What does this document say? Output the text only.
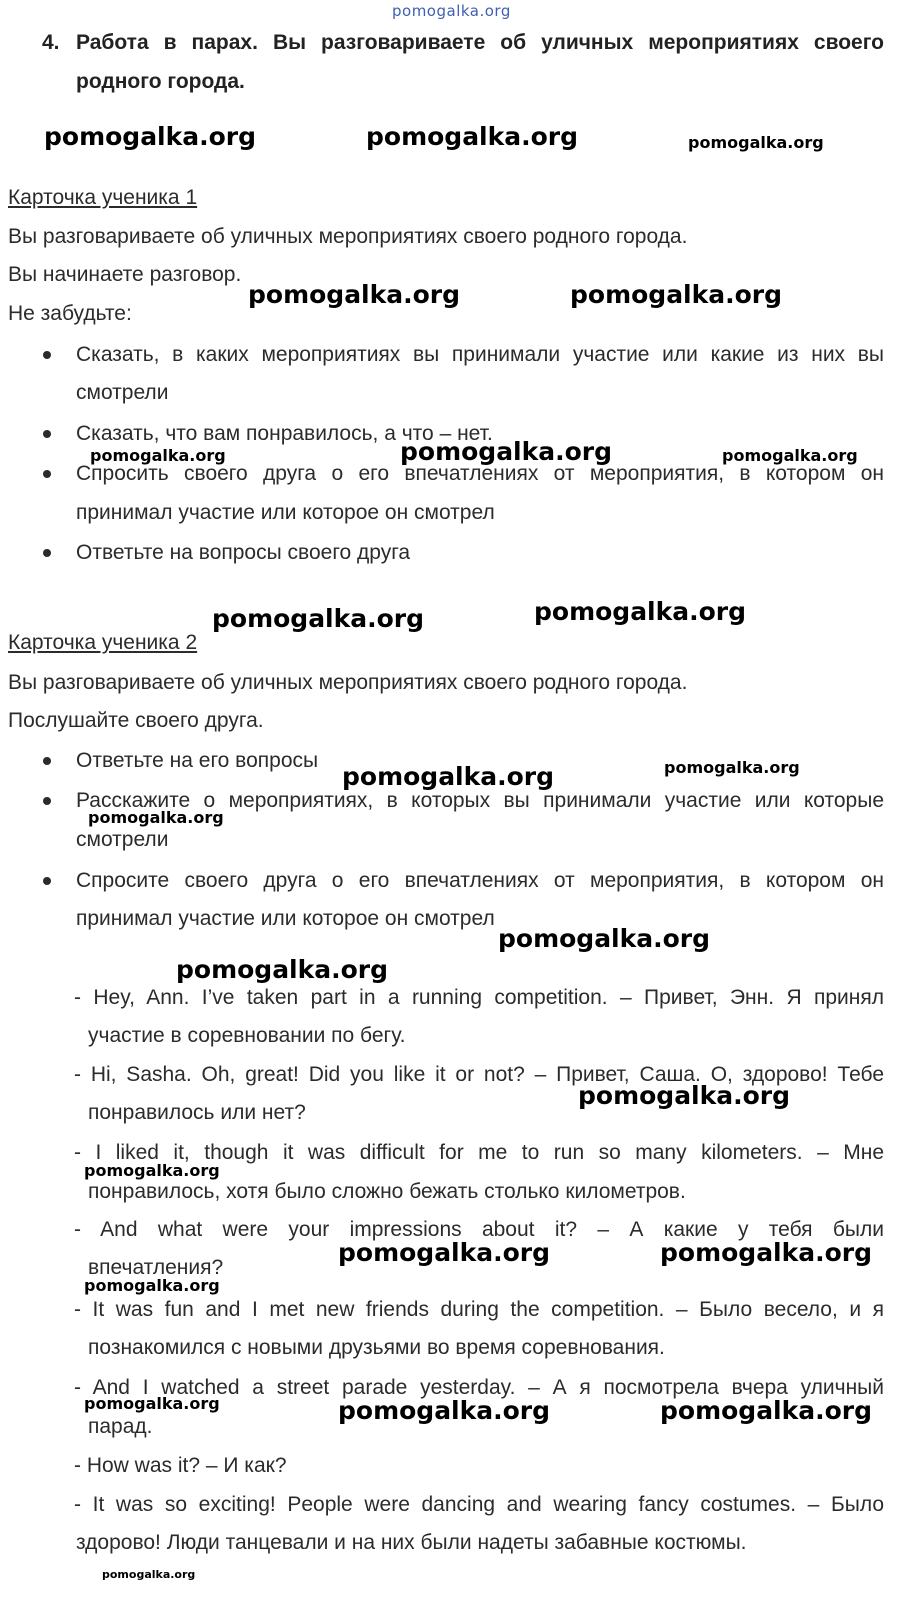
pomogalka.org
4. Работа в парах. Вы разговариваете об уличных мероприятиях своего
родного города.
pomogalka.org	pomogalka.org	pomogalka.org
Карточка ученика 1
Вы разговариваете об уличных мероприятиях своего родного города.
Вы начинаете разговор.
Не забудьте:
pomogalka.org	pomogalka.org
Сказать, в каких мероприятиях вы принимали участие или какие из них вы
смотрели
Сказать, что вам понравилось, а что – нет.
pomogalka.org	pomogalka.org	pomogalka.org
Спросить своего друга о его впечатлениях от мероприятия, в котором он
принимал участие или которое он смотрел
Ответьте на вопросы своего друга
pomogalka.org	pomogalka.org
Карточка ученика 2
Вы разговариваете об уличных мероприятиях своего родного города.
Послушайте своего друга.
Ответьте на его вопросы
pomogalka.org	pomogalka.org
Расскажите о мероприятиях, в которых вы принимали участие или которые
смотрели
pomogalka.org
Спросите своего друга о его впечатлениях от мероприятия, в котором он
принимал участие или которое он смотрел
pomogalka.org
pomogalka.org
- Hey, Ann. I’ve taken part in a running competition. – Привет, Энн. Я принял
участие в соревновании по бегу.
- Hi, Sasha. Oh, great! Did you like it or not? – Привет, Саша. О, здорово! Тебе
понравилось или нет?
pomogalka.org
- I liked it, though it was difficult for me to run so many kilometers. – Мне
pomogalka.org
понравилось, хотя было сложно бежать столько километров.
- And what were your impressions about it? – А какие у тебя были
впечатления?
pomogalka.org	pomogalka.org
pomogalka.org
- It was fun and I met new friends during the competition. – Было весело, и я
познакомился с новыми друзьями во время соревнования.
- And I watched a street parade yesterday. – А я посмотрела вчера уличный
pomogalka.org
парад.
pomogalka.org	pomogalka.org
- How was it? – И как?
- It was so exciting! People were dancing and wearing fancy costumes. – Было
здорово! Люди танцевали и на них были надеты забавные костюмы.
pomogalka.org
